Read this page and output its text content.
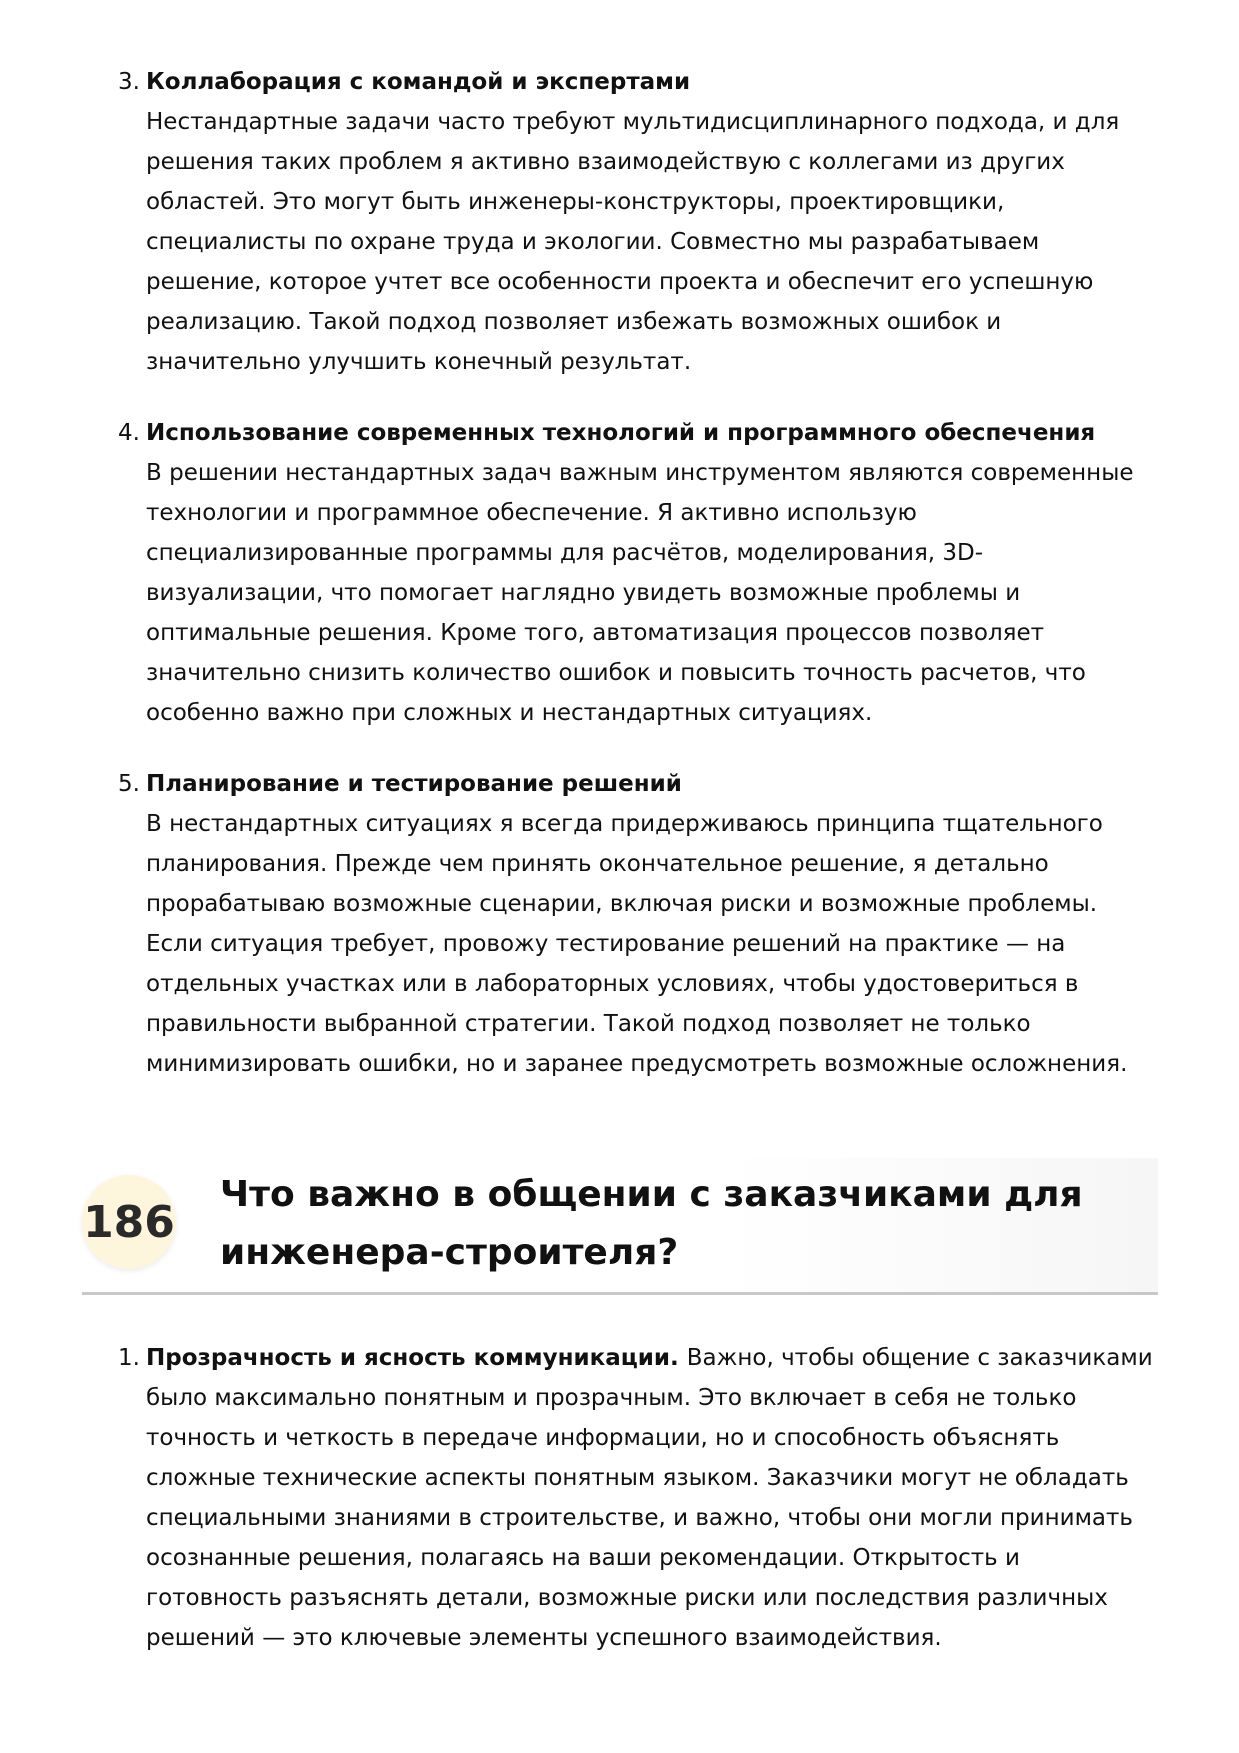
3. Коллаборация с командой и экспертами
Нестандартные задачи часто требуют мультидисциплинарного подхода, и для решения таких проблем я активно взаимодействую с коллегами из других областей. Это могут быть инженеры-конструкторы, проектировщики, специалисты по охране труда и экологии. Совместно мы разрабатываем решение, которое учтет все особенности проекта и обеспечит его успешную реализацию. Такой подход позволяет избежать возможных ошибок и значительно улучшить конечный результат.
4. Использование современных технологий и программного обеспечения
В решении нестандартных задач важным инструментом являются современные технологии и программное обеспечение. Я активно использую специализированные программы для расчётов, моделирования, 3D-визуализации, что помогает наглядно увидеть возможные проблемы и оптимальные решения. Кроме того, автоматизация процессов позволяет значительно снизить количество ошибок и повысить точность расчетов, что особенно важно при сложных и нестандартных ситуациях.
5. Планирование и тестирование решений
В нестандартных ситуациях я всегда придерживаюсь принципа тщательного планирования. Прежде чем принять окончательное решение, я детально прорабатываю возможные сценарии, включая риски и возможные проблемы. Если ситуация требует, провожу тестирование решений на практике — на отдельных участках или в лабораторных условиях, чтобы удостовериться в правильности выбранной стратегии. Такой подход позволяет не только минимизировать ошибки, но и заранее предусмотреть возможные осложнения.
186
Что важно в общении с заказчиками для инженера-строителя?
1. Прозрачность и ясность коммуникации. Важно, чтобы общение с заказчиками было максимально понятным и прозрачным. Это включает в себя не только точность и четкость в передаче информации, но и способность объяснять сложные технические аспекты понятным языком. Заказчики могут не обладать специальными знаниями в строительстве, и важно, чтобы они могли принимать осознанные решения, полагаясь на ваши рекомендации. Открытость и готовность разъяснять детали, возможные риски или последствия различных решений — это ключевые элементы успешного взаимодействия.
